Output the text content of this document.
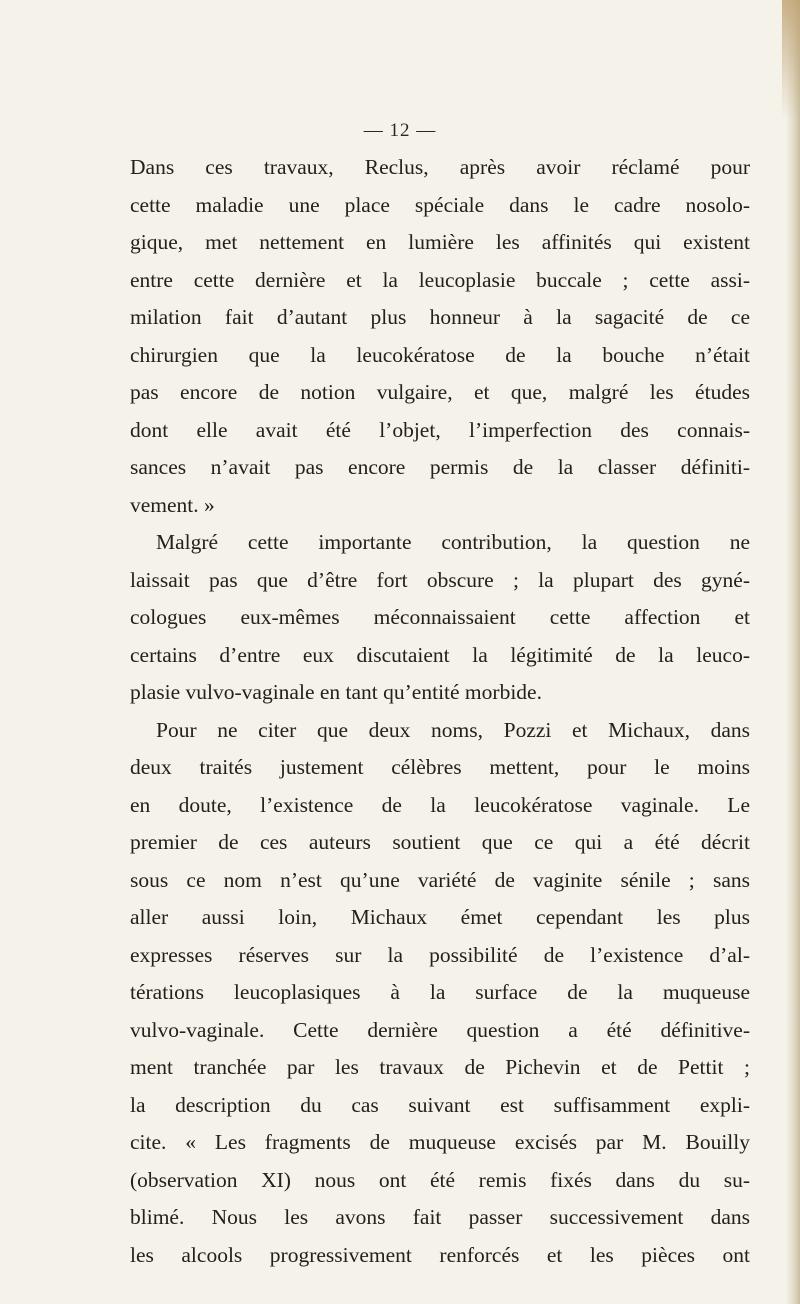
— 12 —
Dans ces travaux, Reclus, après avoir réclamé pour
cette maladie une place spéciale dans le cadre nosolo-
gique, met nettement en lumière les affinités qui existent
entre cette dernière et la leucoplasie buccale ; cette assi-
milation fait d’autant plus honneur à la sagacité de ce
chirurgien que la leucokératose de la bouche n’était
pas encore de notion vulgaire, et que, malgré les études
dont elle avait été l’objet, l’imperfection des connais-
sances n’avait pas encore permis de la classer définiti-
vement. »
Malgré cette importante contribution, la question ne
laissait pas que d’être fort obscure ; la plupart des gyné-
cologues eux-mêmes méconnaissaient cette affection et
certains d’entre eux discutaient la légitimité de la leuco-
plasie vulvo-vaginale en tant qu’entité morbide.
Pour ne citer que deux noms, Pozzi et Michaux, dans
deux traités justement célèbres mettent, pour le moins
en doute, l’existence de la leucokératose vaginale. Le
premier de ces auteurs soutient que ce qui a été décrit
sous ce nom n’est qu’une variété de vaginite sénile ; sans
aller aussi loin, Michaux émet cependant les plus
expresses réserves sur la possibilité de l’existence d’al-
térations leucoplasiques à la surface de la muqueuse
vulvo-vaginale. Cette dernière question a été définitive-
ment tranchée par les travaux de Pichevin et de Pettit ;
la description du cas suivant est suffisamment expli-
cite. « Les fragments de muqueuse excisés par M. Bouilly
(observation XI) nous ont été remis fixés dans du su-
blimé. Nous les avons fait passer successivement dans
les alcools progressivement renforcés et les pièces ont
